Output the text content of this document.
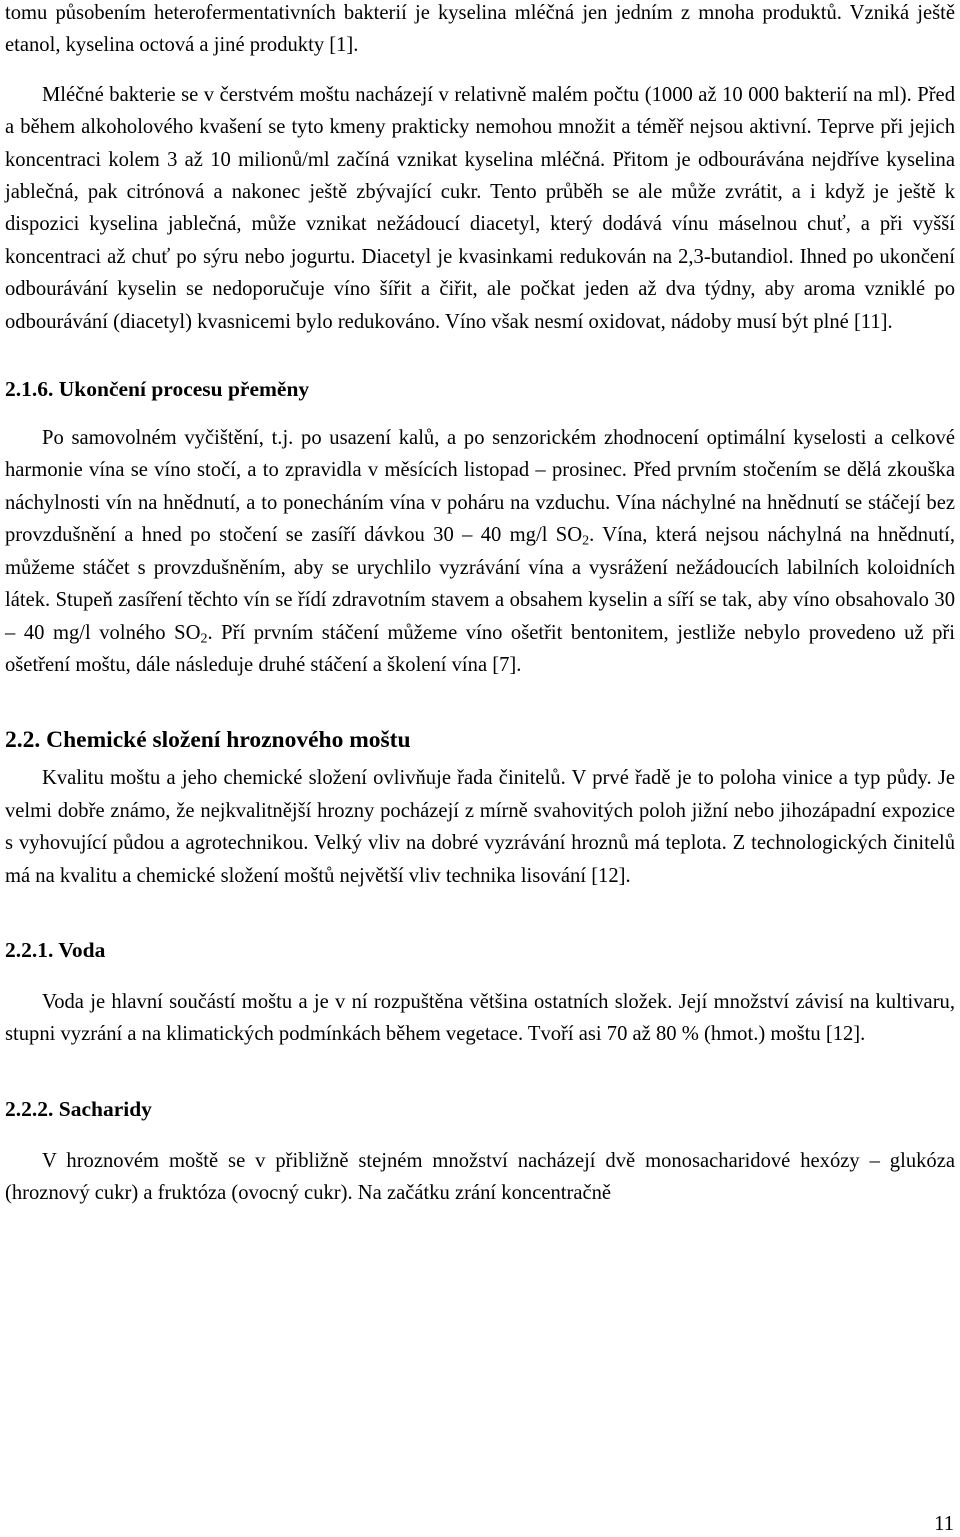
tomu působením heterofermentativních bakterií je kyselina mléčná jen jedním z mnoha produktů. Vzniká ještě etanol, kyselina octová a jiné produkty [1].

Mléčné bakterie se v čerstvém moštu nacházejí v relativně malém počtu (1000 až 10 000 bakterií na ml). Před a během alkoholového kvašení se tyto kmeny prakticky nemohou množit a téměř nejsou aktivní. Teprve při jejich koncentraci kolem 3 až 10 milionů/ml začíná vznikat kyselina mléčná. Přitom je odbourávána nejdříve kyselina jablečná, pak citrónová a nakonec ještě zbývající cukr. Tento průběh se ale může zvrátit, a i když je ještě k dispozici kyselina jablečná, může vznikat nežádoucí diacetyl, který dodává vínu máselnou chuť, a při vyšší koncentraci až chuť po sýru nebo jogurtu. Diacetyl je kvasinkami redukován na 2,3-butandiol. Ihned po ukončení odbourávání kyselin se nedoporučuje víno šířit a čiřit, ale počkat jeden až dva týdny, aby aroma vzniklé po odbourávání (diacetyl) kvasnicemi bylo redukováno. Víno však nesmí oxidovat, nádoby musí být plné [11].

2.1.6. Ukončení procesu přeměny

Po samovolném vyčištění, t.j. po usazení kalů, a po senzorickém zhodnocení optimální kyselosti a celkové harmonie vína se víno stočí, a to zpravidla v měsících listopad – prosinec. Před prvním stočením se dělá zkouška náchylnosti vín na hnědnutí, a to ponecháním vína v poháru na vzduchu. Vína náchylné na hnědnutí se stáčejí bez provzdušnění a hned po stočení se zasíří dávkou 30 – 40 mg/l $SO_2$. Vína, která nejsou náchylná na hnědnutí, můžeme stáčet s provzdušněním, aby se urychlilo vyzrávání vína a vysrážení nežádoucích labilních koloidních látek. Stupeň zasíření těchto vín se řídí zdravotním stavem a obsahem kyselin a síří se tak, aby víno obsahovalo 30 – 40 mg/l volného $SO_2$. Pří prvním stáčení můžeme víno ošetřit bentonitem, jestliže nebylo provedeno už při ošetření moštu, dále následuje druhé stáčení a školení vína [7].

2.2. Chemické složení hroznového moštu

Kvalitu moštu a jeho chemické složení ovlivňuje řada činitelů. V prvé řadě je to poloha vinice a typ půdy. Je velmi dobře známo, že nejkvalitnější hrozny pocházejí z mírně svahovitých poloh jižní nebo jihozápadní expozice s vyhovující půdou a agrotechnikou. Velký vliv na dobré vyzrávání hroznů má teplota. Z technologických činitelů má na kvalitu a chemické složení moštů největší vliv technika lisování [12].

2.2.1. Voda

Voda je hlavní součástí moštu a je v ní rozpuštěna většina ostatních složek. Její množství závisí na kultivaru, stupni vyzrání a na klimatických podmínkách během vegetace. Tvoří asi 70 až 80 % (hmot.) moštu [12].

2.2.2. Sacharidy

V hroznovém moště se v přibližně stejném množství nacházejí dvě monosacharidové hexózy – glukóza (hroznový cukr) a fruktóza (ovocný cukr). Na začátku zrání koncentračně

11
